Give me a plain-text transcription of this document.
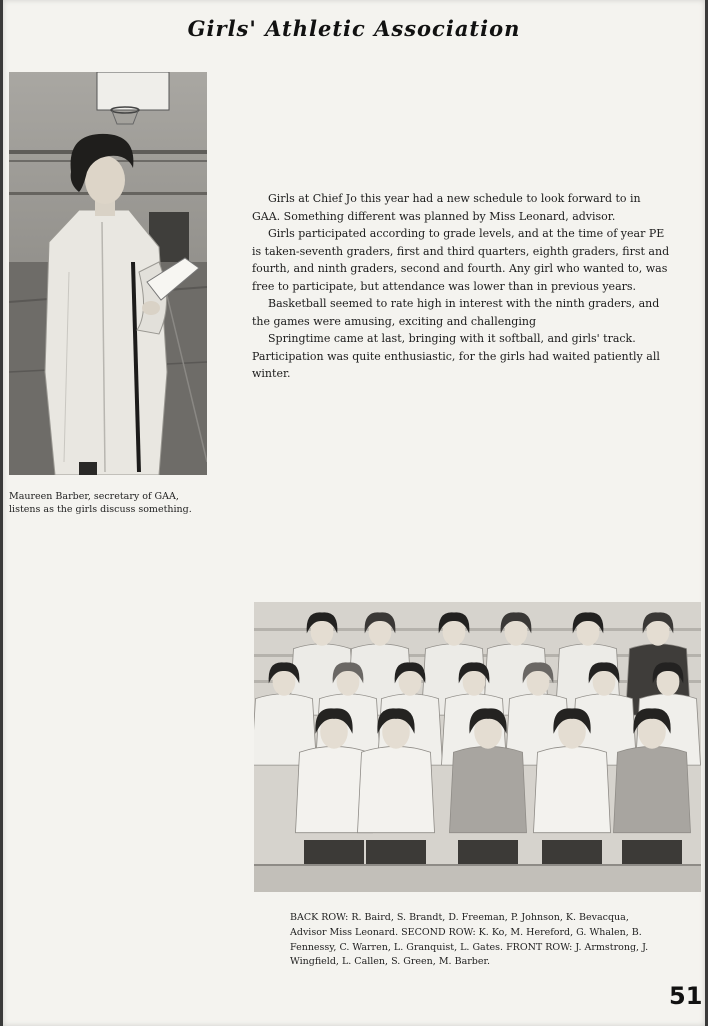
Girls' Athletic Association
Maureen Barber, secretary of GAA, listens as the girls discuss something.

Girls at Chief Jo this year had a new schedule to look forward to in GAA. Something different was planned by Miss Leonard, advisor.

Girls participated according to grade levels, and at the time of year PE is taken-seventh graders, first and third quarters, eighth graders, first and fourth, and ninth graders, second and fourth. Any girl who wanted to, was free to participate, but attendance was lower than in previous years.

Basketball seemed to rate high in interest with the ninth graders, and the games were amusing, exciting and challenging

Springtime came at last, bringing with it softball, and girls' track. Participation was quite enthusiastic, for the girls had waited patiently all winter.

BACK ROW: R. Baird, S. Brandt, D. Freeman, P. Johnson, K. Bevacqua, Advisor Miss Leonard. SECOND ROW: K. Ko, M. Hereford, G. Whalen, B. Fennessy, C. Warren, L. Granquist, L. Gates. FRONT ROW: J. Armstrong, J. Wingfield, L. Callen, S. Green, M. Barber.
51
